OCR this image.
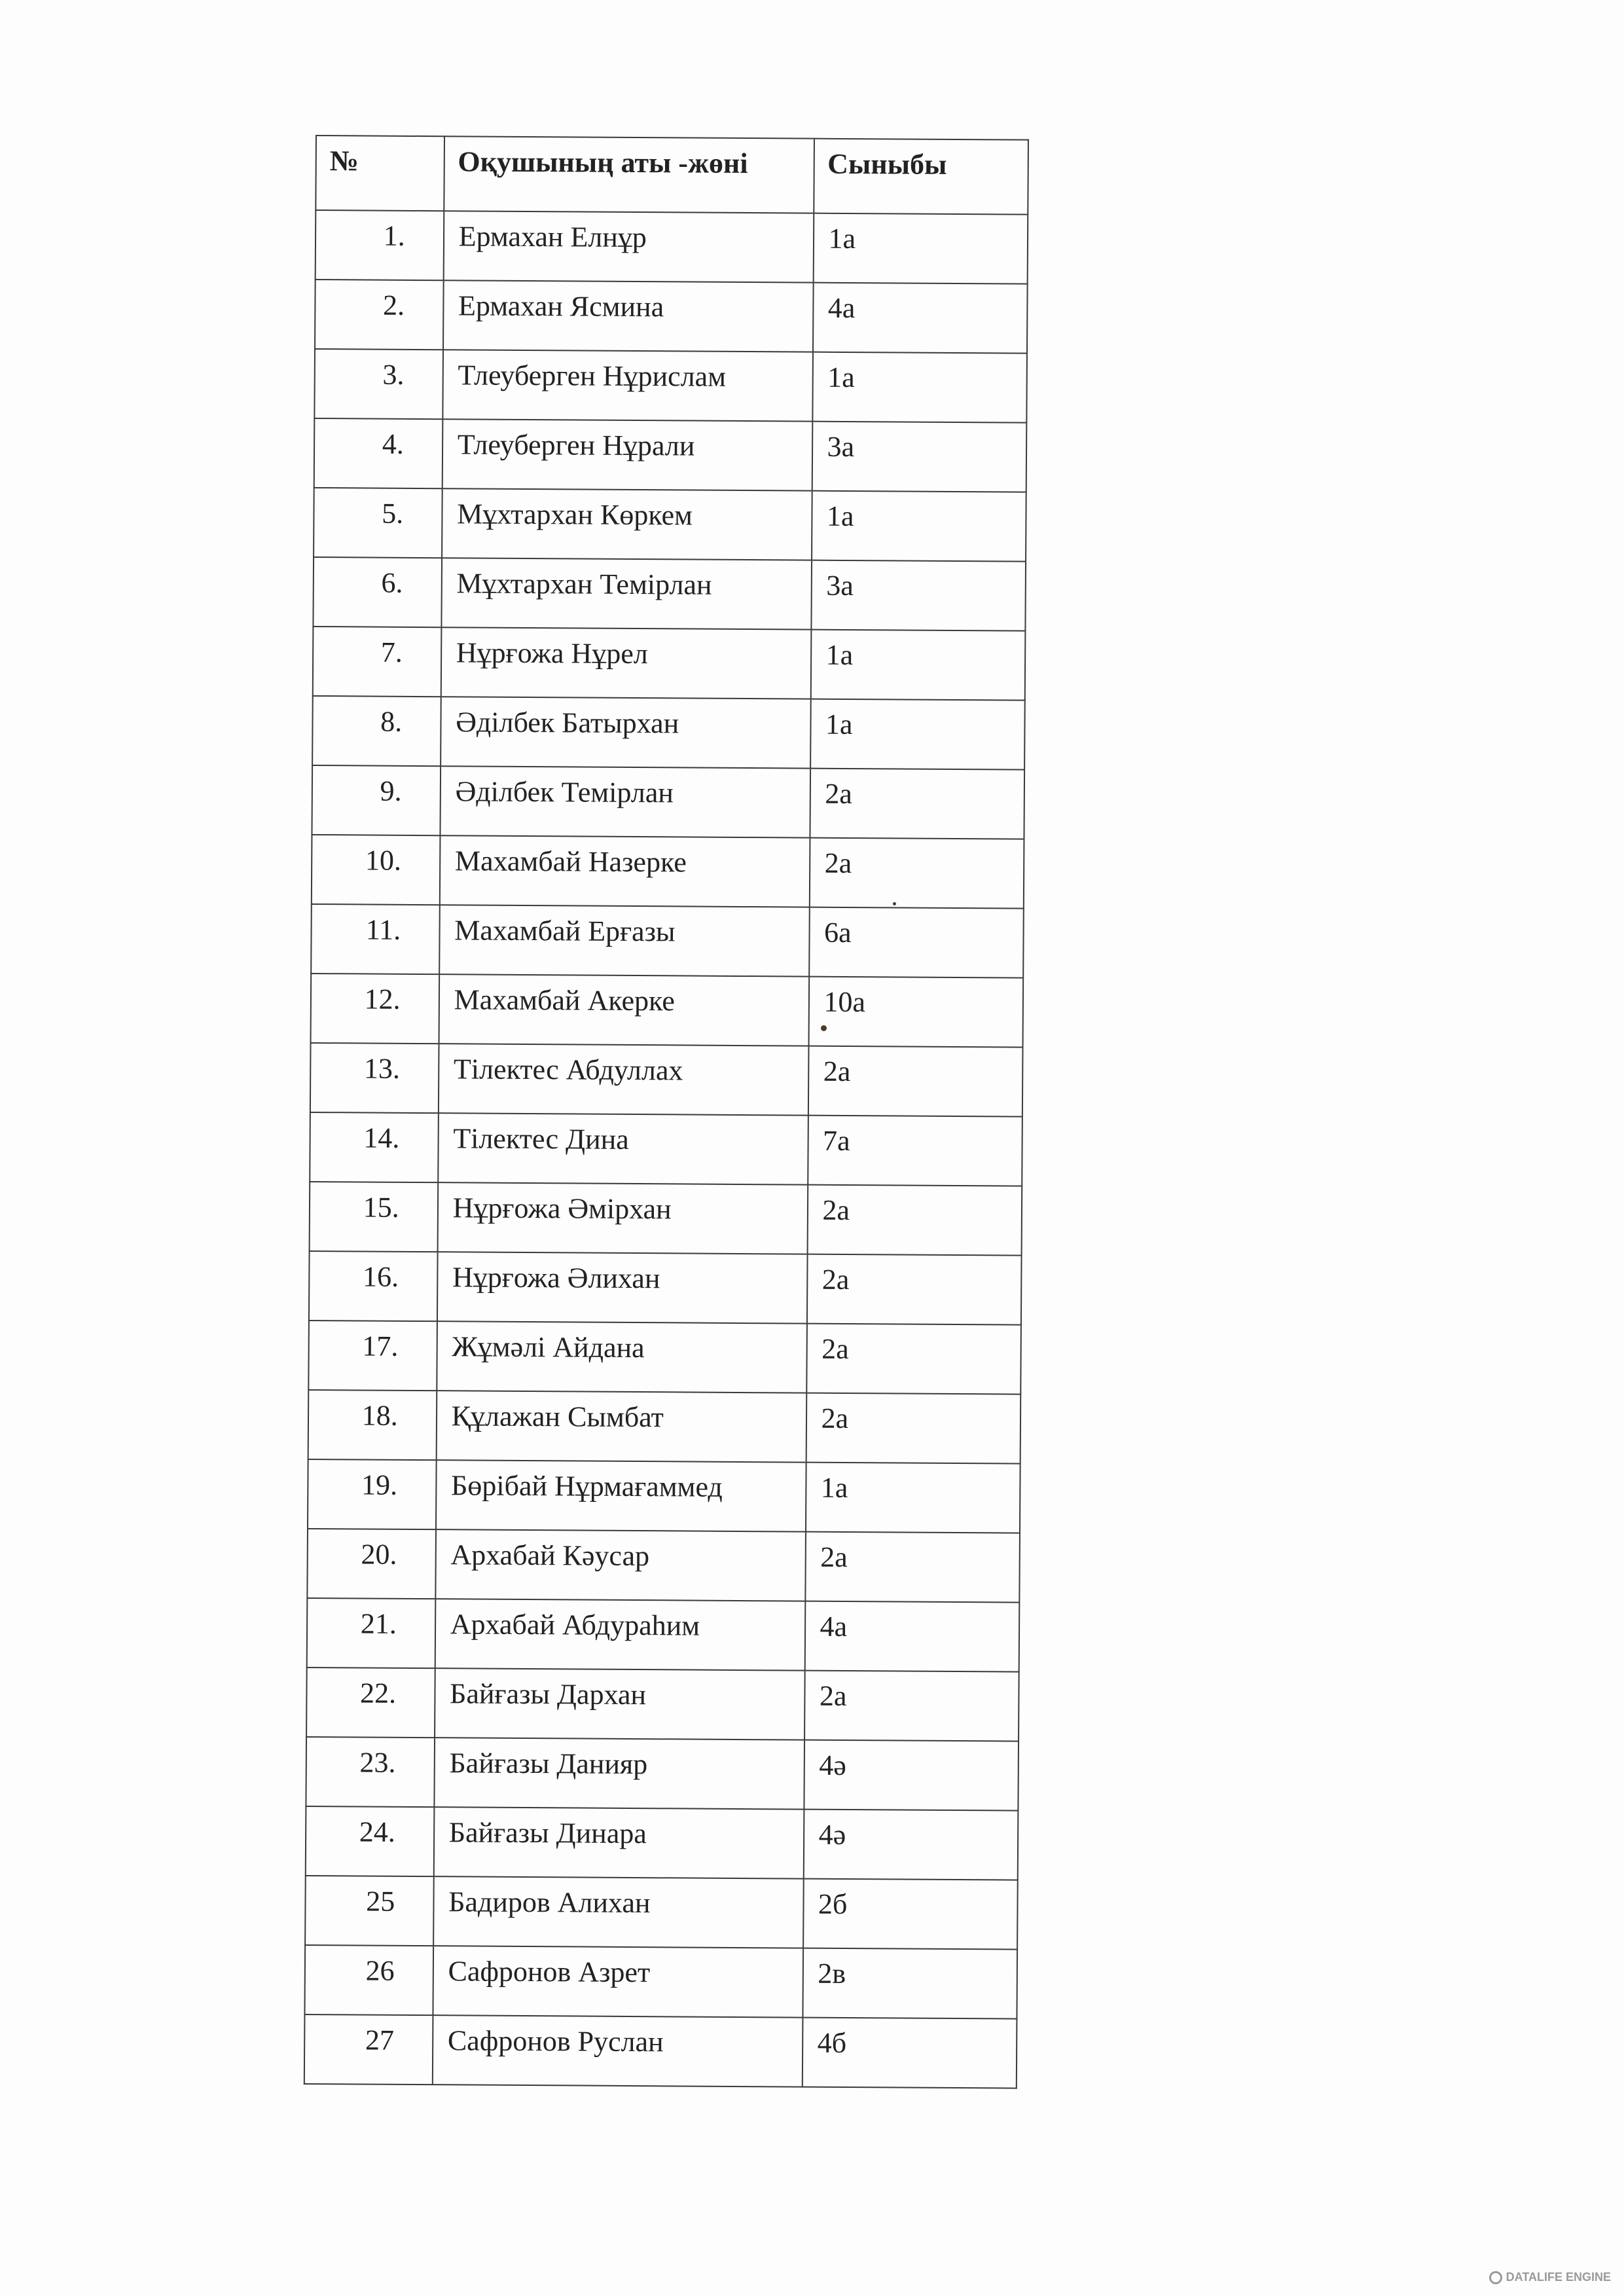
№	Оқушының аты -жөні	Сыныбы
1.	Ермахан Елнұр	1а
2.	Ермахан Ясмина	4а
3.	Тлеуберген Нұрислам	1а
4.	Тлеуберген Нұрали	3а
5.	Мұхтархан Көркем	1а
6.	Мұхтархан Темірлан	3а
7.	Нұрғожа Нұрел	1а
8.	Әділбек Батырхан	1а
9.	Әділбек Темірлан	2а
10.	Махамбай Назерке	2а
11.	Махамбай Ерғазы	6а
12.	Махамбай Акерке	10а
13.	Тілектес Абдуллах	2а
14.	Тілектес Дина	7а
15.	Нұрғожа Әмірхан	2а
16.	Нұрғожа Әлихан	2а
17.	Жұмәлі Айдана	2а
18.	Құлажан Сымбат	2а
19.	Бөрібай Нұрмағаммед	1а
20.	Архабай Кәусар	2а
21.	Архабай Абдураһим	4а
22.	Байғазы Дархан	2а
23.	Байғазы Данияр	4ә
24.	Байғазы Динара	4ә
25	Бадиров Алихан	2б
26	Сафронов Азрет	2в
27	Сафронов Руслан	4б
DATALIFE ENGINE
